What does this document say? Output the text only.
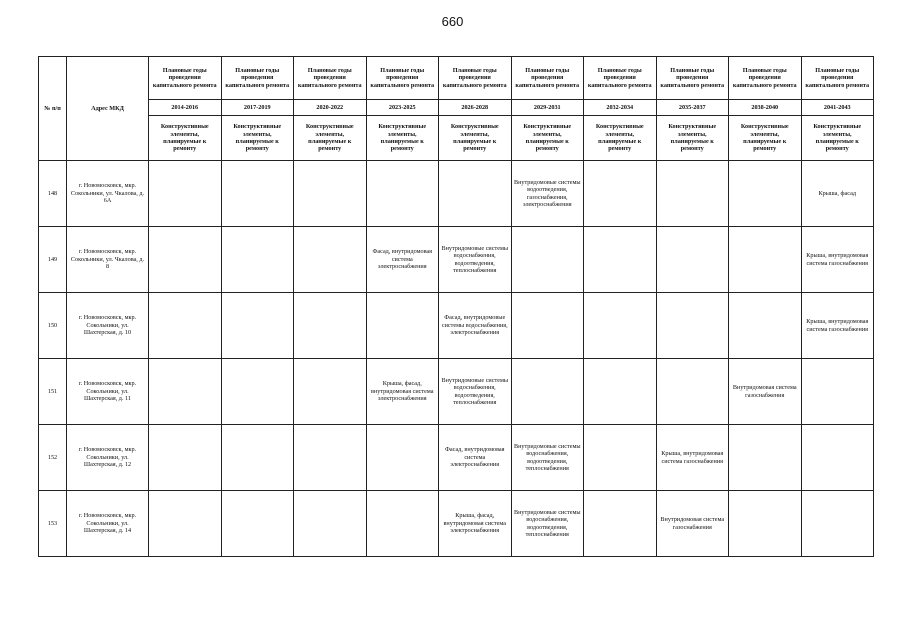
660
№ п/п	Адрес МКД	Плановые годы проведения капитального ремонта	Плановые годы проведения капитального ремонта	Плановые годы проведения капитального ремонта	Плановые годы проведения капитального ремонта	Плановые годы проведения капитального ремонта	Плановые годы проведения капитального ремонта	Плановые годы проведения капитального ремонта	Плановые годы проведения капитального ремонта	Плановые годы проведения капитального ремонта	Плановые годы проведения капитального ремонта
		2014-2016	2017-2019	2020-2022	2023-2025	2026-2028	2029-2031	2032-2034	2035-2037	2038-2040	2041-2043
		Конструктивные элементы, планируемые к ремонту	Конструктивные элементы, планируемые к ремонту	Конструктивные элементы, планируемые к ремонту	Конструктивные элементы, планируемые к ремонту	Конструктивные элементы, планируемые к ремонту	Конструктивные элементы, планируемые к ремонту	Конструктивные элементы, планируемые к ремонту	Конструктивные элементы, планируемые к ремонту	Конструктивные элементы, планируемые к ремонту	Конструктивные элементы, планируемые к ремонту
148	г. Новомосковск, мкр. Сокольники, ул. Чкалова, д. 6А						Внутридомовые системы водоотведения, газоснабжения, электроснабжения				Крыша, фасад
149	г. Новомосковск, мкр. Сокольники, ул. Чкалова, д. 8				Фасад, внутридомовая система электроснабжения	Внутридомовые системы водоснабжения, водоотведения, теплоснабжения					Крыша, внутридомовая система газоснабжения
150	г. Новомосковск, мкр. Сокольники, ул. Шахтерская, д. 10					Фасад, внутридомовые системы водоснабжения, электроснабжения					Крыша, внутридомовая система газоснабжения
151	г. Новомосковск, мкр. Сокольники, ул. Шахтерская, д. 11				Крыша, фасад, внутридомовая система электроснабжения	Внутридомовые системы водоснабжения, водоотведения, теплоснабжения				Внутридомовая система газоснабжения	
152	г. Новомосковск, мкр. Сокольники, ул. Шахтерская, д. 12					Фасад, внутридомовая система электроснабжения	Внутридомовые системы водоснабжения, водоотведения, теплоснабжения		Крыша, внутридомовая система газоснабжения		
153	г. Новомосковск, мкр. Сокольники, ул. Шахтерская, д. 14					Крыша, фасад, внутридомовая система электроснабжения	Внутридомовые системы водоснабжения, водоотведения, теплоснабжения		Внутридомовая система газоснабжения		
